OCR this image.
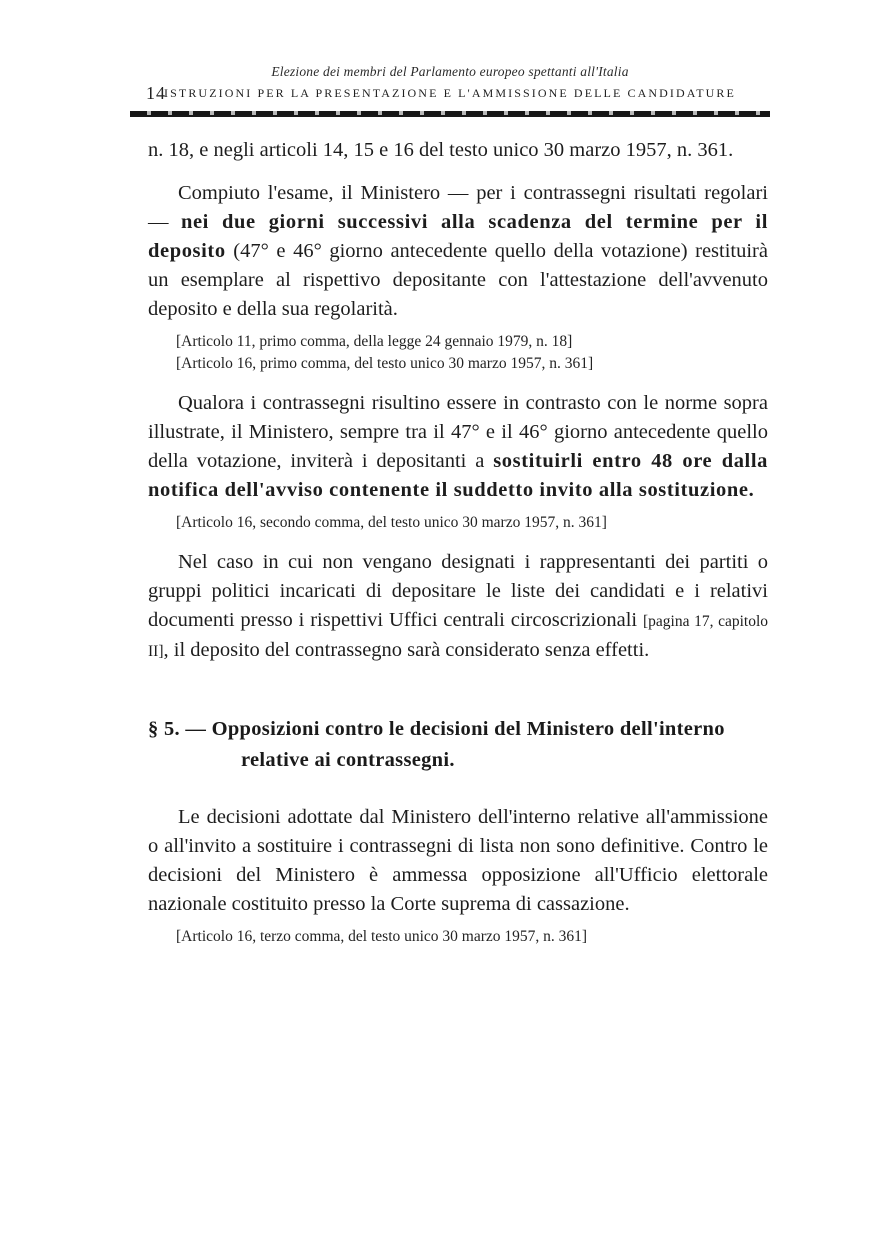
Elezione dei membri del Parlamento europeo spettanti all'Italia
14
ISTRUZIONI PER LA PRESENTAZIONE E L'AMMISSIONE DELLE CANDIDATURE

n. 18, e negli articoli 14, 15 e 16 del testo unico 30 marzo 1957, n. 361.

Compiuto l'esame, il Ministero — per i contrassegni risultati regolari — nei due giorni successivi alla scadenza del termine per il deposito (47° e 46° giorno antecedente quello della votazione) restituirà un esemplare al rispettivo depositante con l'attestazione dell'avvenuto deposito e della sua regolarità.

[Articolo 11, primo comma, della legge 24 gennaio 1979, n. 18]

[Articolo 16, primo comma, del testo unico 30 marzo 1957, n. 361]

Qualora i contrassegni risultino essere in contrasto con le norme sopra illustrate, il Ministero, sempre tra il 47° e il 46° giorno antecedente quello della votazione, inviterà i depositanti a sostituirli entro 48 ore dalla notifica dell'avviso contenente il suddetto invito alla sostituzione.

[Articolo 16, secondo comma, del testo unico 30 marzo 1957, n. 361]

Nel caso in cui non vengano designati i rappresentanti dei partiti o gruppi politici incaricati di depositare le liste dei candidati e i relativi documenti presso i rispettivi Uffici centrali circoscrizionali [pagina 17, capitolo II], il deposito del contrassegno sarà considerato senza effetti.

§ 5. — Opposizioni contro le decisioni del Ministero dell'interno relative ai contrassegni.

Le decisioni adottate dal Ministero dell'interno relative all'ammissione o all'invito a sostituire i contrassegni di lista non sono definitive. Contro le decisioni del Ministero è ammessa opposizione all'Ufficio elettorale nazionale costituito presso la Corte suprema di cassazione.

[Articolo 16, terzo comma, del testo unico 30 marzo 1957, n. 361]
